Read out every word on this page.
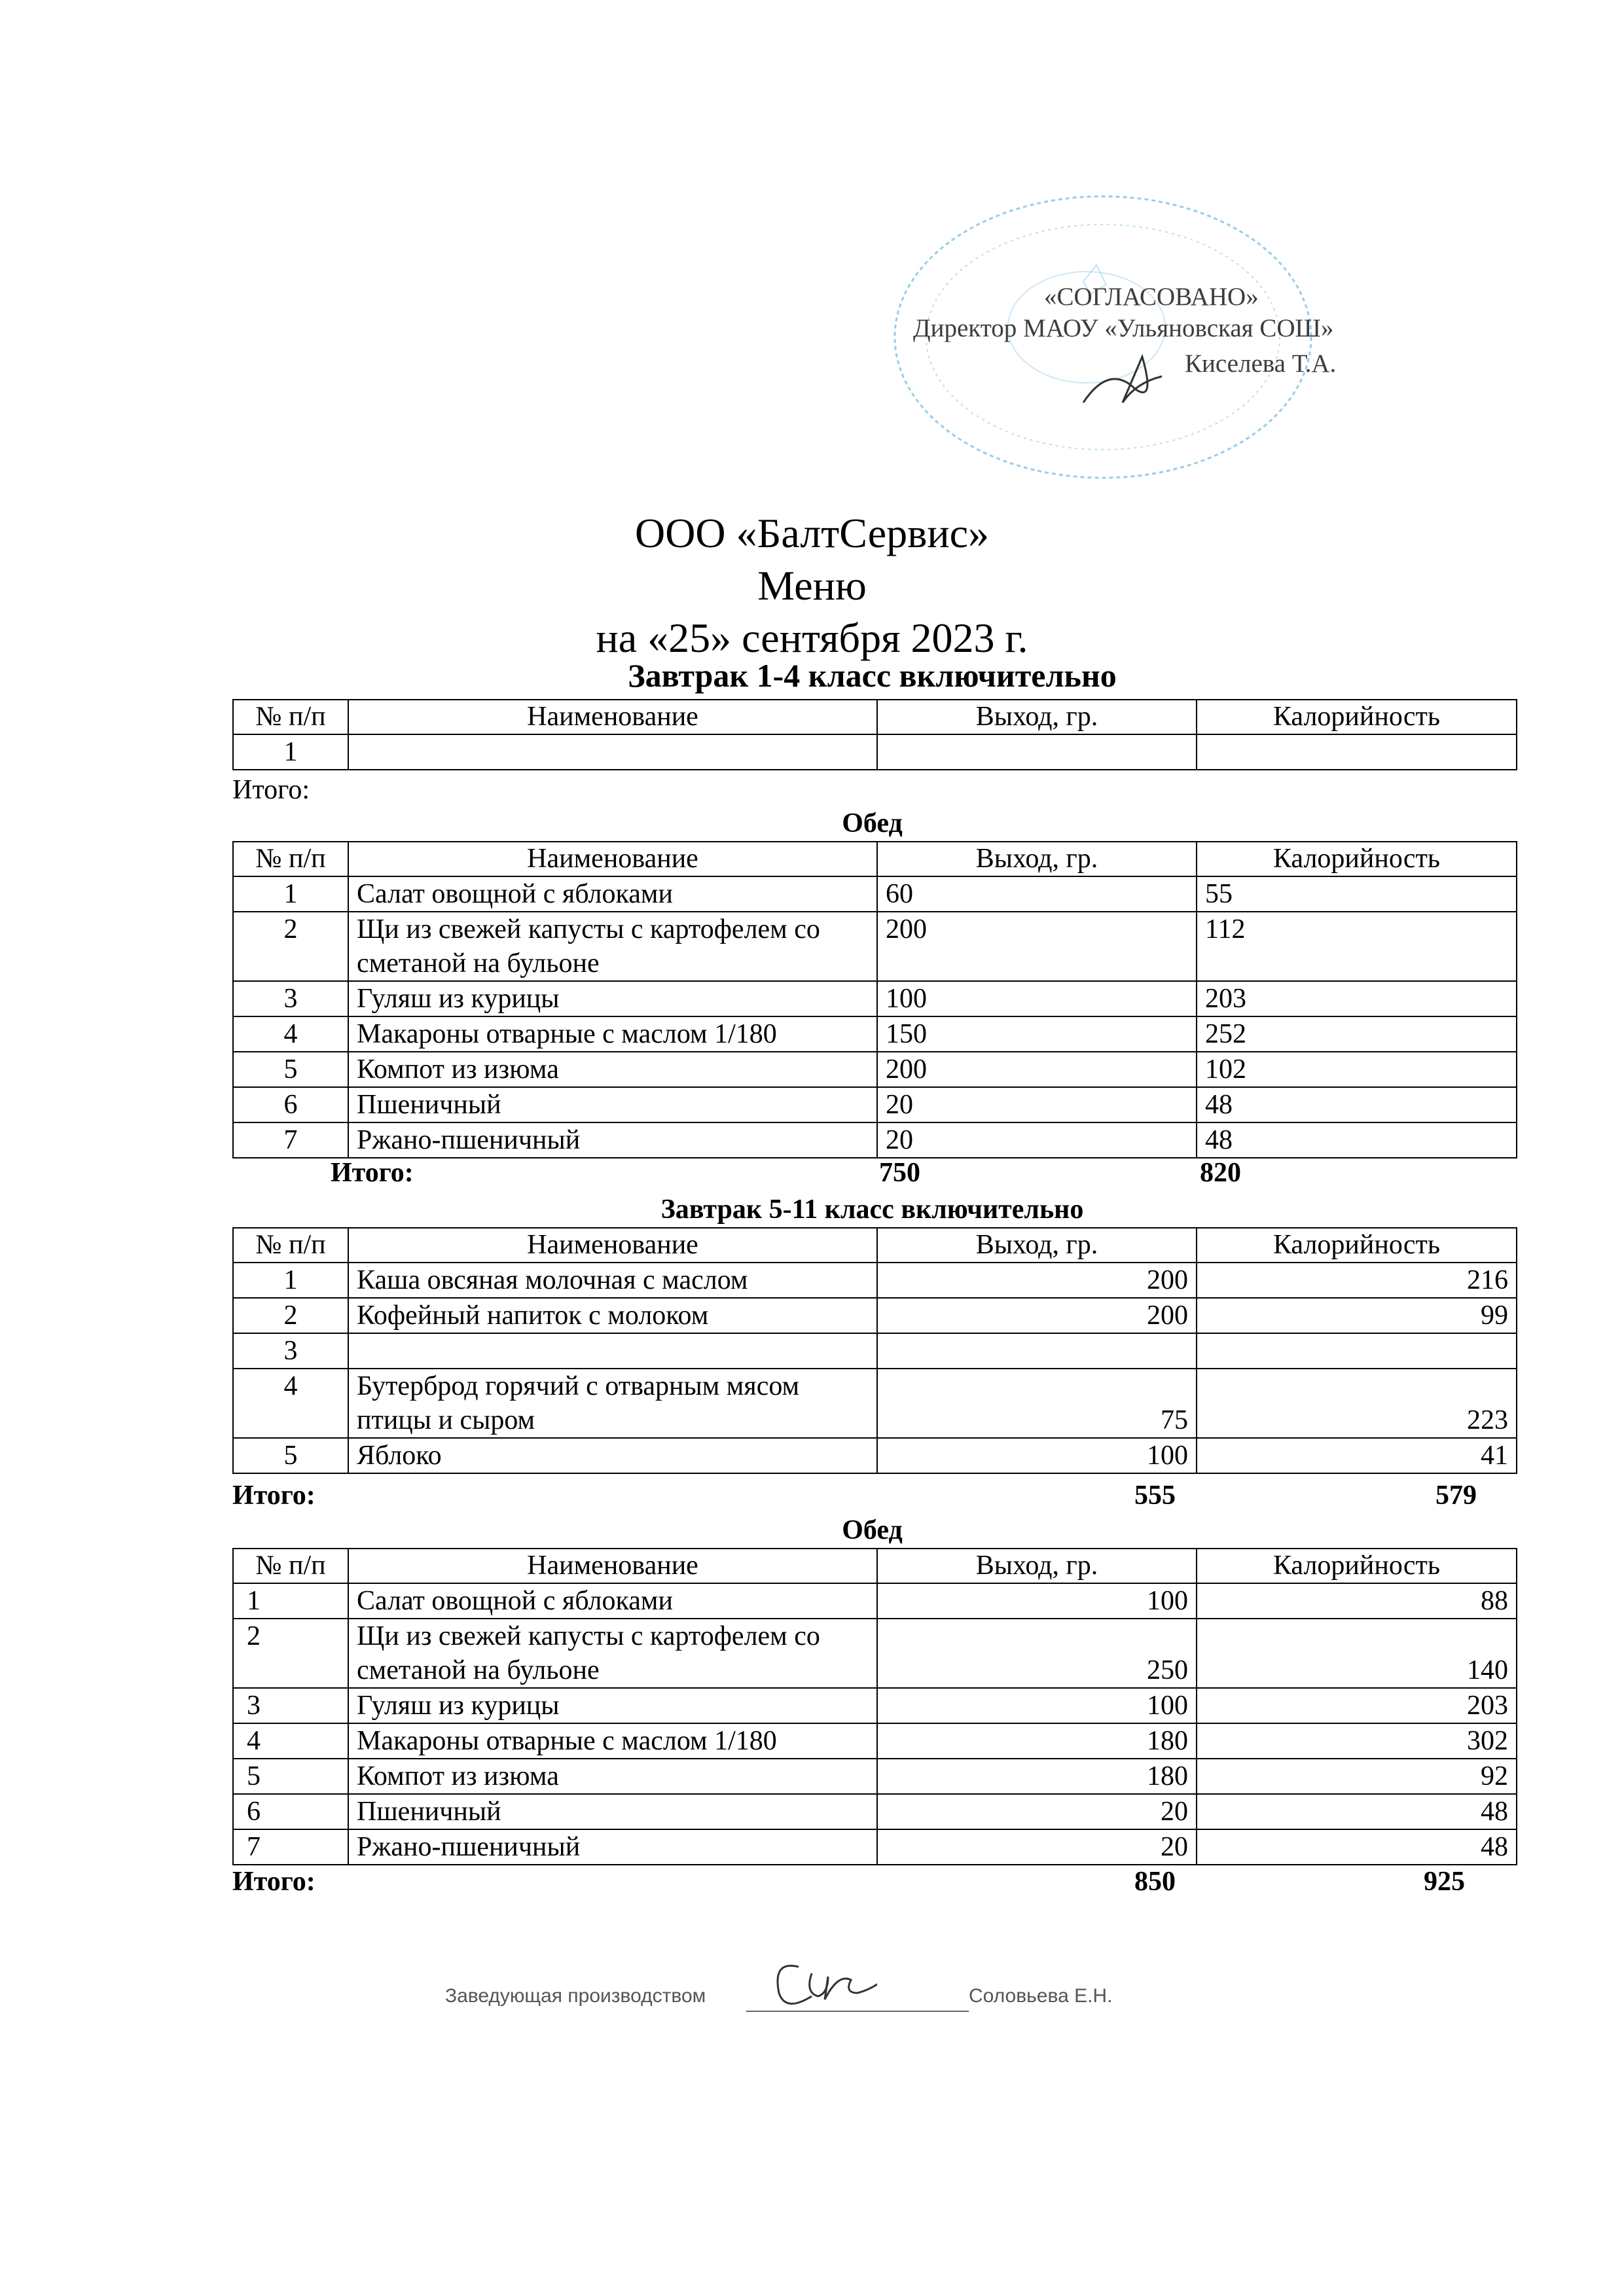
«СОГЛАСОВАНО»
Директор МАОУ «Ульяновская СОШ»
Киселева Т.А.
ООО «БалтСервис»
Меню
на «25» сентября 2023 г.
Завтрак 1-4 класс включительно
№ п/п	Наименование	Выход, гр.	Калорийность
1			
Итого:
Обед
№ п/п	Наименование	Выход, гр.	Калорийность
1	Салат овощной с яблоками	60	55
2	Щи из свежей капусты с картофелем со сметаной на бульоне	200	112
3	Гуляш из курицы	100	203
4	Макароны отварные с маслом 1/180	150	252
5	Компот из изюма	200	102
6	Пшеничный	20	48
7	Ржано-пшеничный	20	48
Итого:	750	820
Завтрак 5-11 класс включительно
№ п/п	Наименование	Выход, гр.	Калорийность
1	Каша овсяная молочная с маслом	200	216
2	Кофейный напиток с молоком	200	99
3			
4	Бутерброд горячий с отварным мясом птицы и сыром	75	223
5	Яблоко	100	41
Итого:	555	579
Обед
№ п/п	Наименование	Выход, гр.	Калорийность
1	Салат овощной с яблоками	100	88
2	Щи из свежей капусты с картофелем со сметаной на бульоне	250	140
3	Гуляш из курицы	100	203
4	Макароны отварные с маслом 1/180	180	302
5	Компот из изюма	180	92
6	Пшеничный	20	48
7	Ржано-пшеничный	20	48
Итого:	850	925
Заведующая производством	Соловьева Е.Н.
